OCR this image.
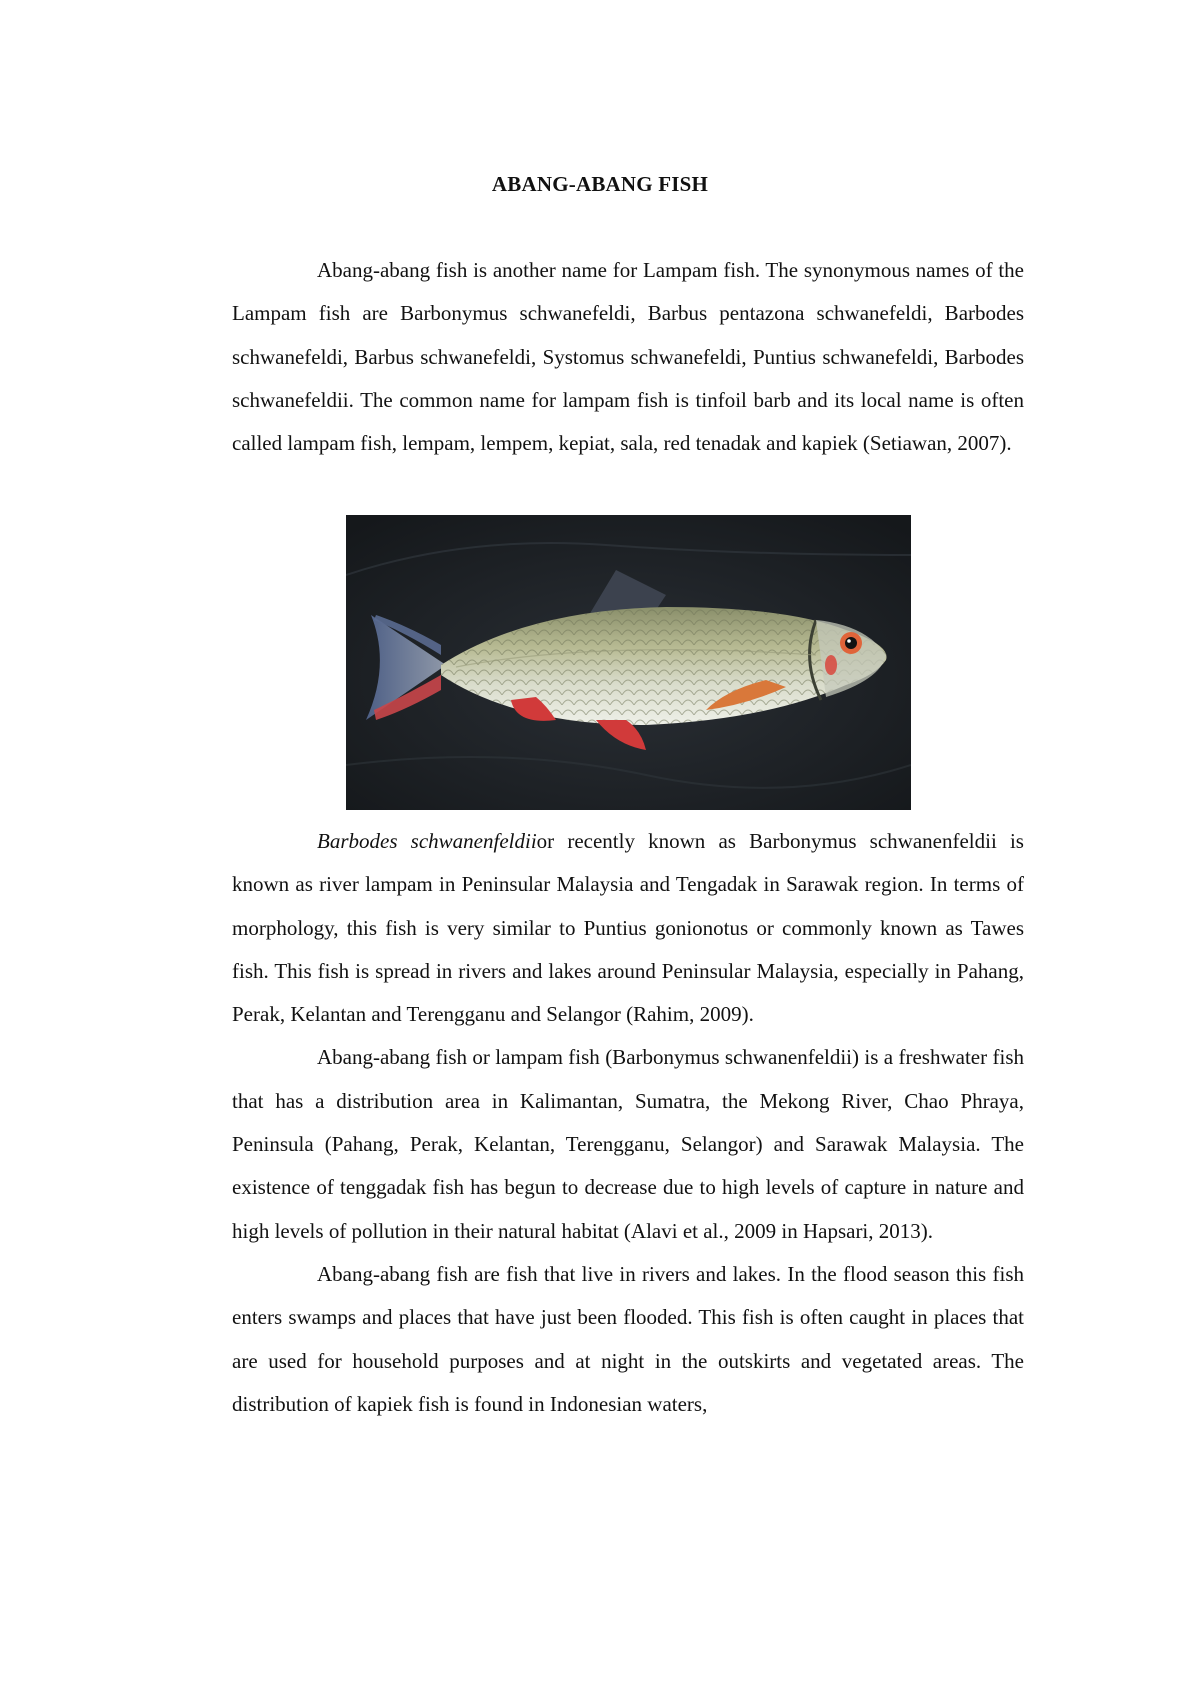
ABANG-ABANG FISH

Abang-abang fish is another name for Lampam fish. The synonymous names of the Lampam fish are Barbonymus schwanefeldi, Barbus pentazona schwanefeldi, Barbodes schwanefeldi, Barbus schwanefeldi, Systomus schwanefeldi, Puntius schwanefeldi, Barbodes schwanefeldii. The common name for lampam fish is tinfoil barb and its local name is often called lampam fish, lempam, lempem, kepiat, sala, red tenadak and kapiek (Setiawan, 2007).

Barbodes schwanenfeldiior recently known as Barbonymus schwanenfeldii is known as river lampam in Peninsular Malaysia and Tengadak in Sarawak region. In terms of morphology, this fish is very similar to Puntius gonionotus or commonly known as Tawes fish. This fish is spread in rivers and lakes around Peninsular Malaysia, especially in Pahang, Perak, Kelantan and Terengganu and Selangor (Rahim, 2009).

Abang-abang fish or lampam fish (Barbonymus schwanenfeldii) is a freshwater fish that has a distribution area in Kalimantan, Sumatra, the Mekong River, Chao Phraya, Peninsula (Pahang, Perak, Kelantan, Terengganu, Selangor) and Sarawak Malaysia. The existence of tenggadak fish has begun to decrease due to high levels of capture in nature and high levels of pollution in their natural habitat (Alavi et al., 2009 in Hapsari, 2013).

Abang-abang fish are fish that live in rivers and lakes. In the flood season this fish enters swamps and places that have just been flooded. This fish is often caught in places that are used for household purposes and at night in the outskirts and vegetated areas. The distribution of kapiek fish is found in Indonesian waters,
